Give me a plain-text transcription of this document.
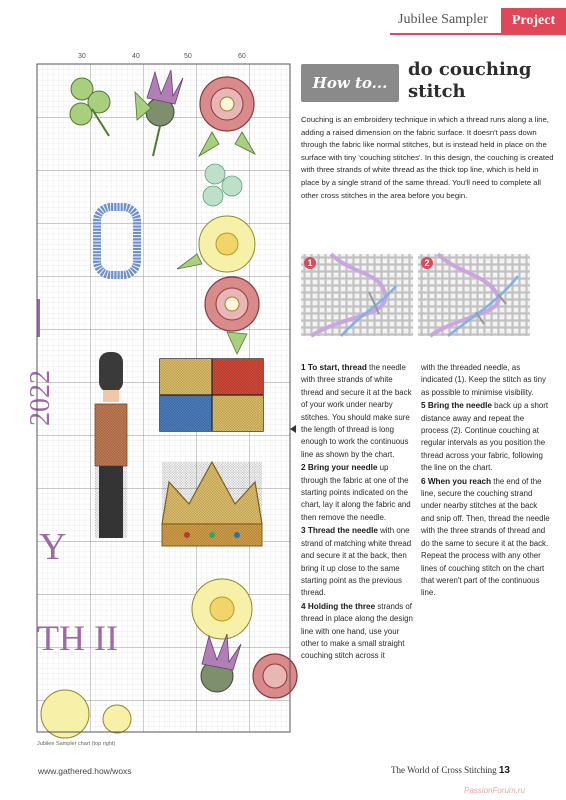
Jubilee Sampler	Project
30	40	50	60
2022
Y
TH II
How to...
do couching
stitch
Couching is an embroidery technique in which a thread runs along a line, adding a raised dimension on the fabric surface. It doesn't pass down through the fabric like normal stitches, but is instead held in place on the surface with tiny ‘couching stitches’. In this design, the couching is created with three strands of white thread as the thick top line, which is held in place by a single strand of the same thread. You'll need to complete all other cross stitches in the area before you begin.
1	2

1 To start, thread the needle with three strands of white thread and secure it at the back of your work under nearby stitches. You should make sure the length of thread is long enough to work the continuous line as shown by the chart.

2 Bring your needle up through the fabric at one of the starting points indicated on the chart, lay it along the fabric and then remove the needle.

3 Thread the needle with one strand of matching white thread and secure it at the back, then bring it up close to the same starting point as the previous thread.

4 Holding the three strands of thread in place along the design line with one hand, use your other to make a small straight couching stitch across it

with the threaded needle, as indicated (1). Keep the stitch as tiny as possible to minimise visibility.

5 Bring the needle back up a short distance away and repeat the process (2). Continue couching at regular intervals as you position the thread across your fabric, following the line on the chart.

6 When you reach the end of the line, secure the couching strand under nearby stitches at the back and snip off. Then, thread the needle with the three strands of thread and do the same to secure it at the back. Repeat the process with any other lines of couching stitch on the chart that weren't part of the continuous line.

Jubilee Sampler chart (top right)
www.gathered.how/woxs	The World of Cross Stitching 13
PassionForum.ru
